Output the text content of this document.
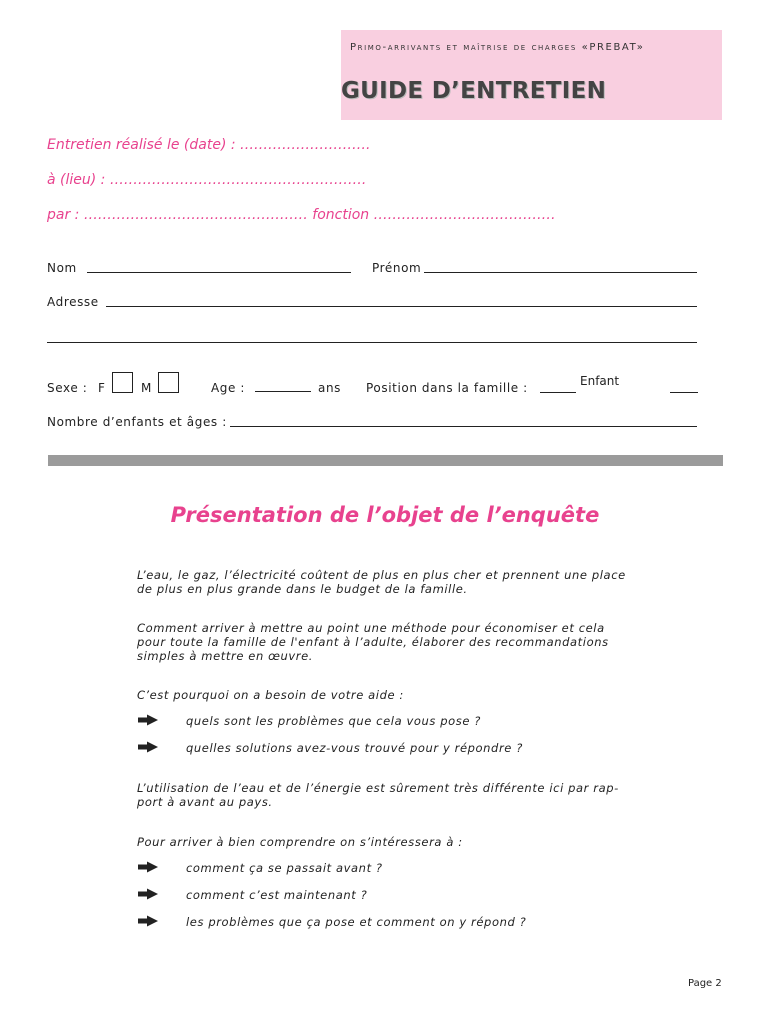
Primo-arrivants et maîtrise de charges «PREBAT»
GUIDE D’ENTRETIEN
Entretien réalisé le (date) : ……………………….
à (lieu) : ……………………………………………….
par : ………………………………………… fonction …………………………………
Nom	Prénom
Adresse
Sexe : F	M	Age :	ans Position dans la famille :	Enfant
Nombre d’enfants et âges :
Présentation de l’objet de l’enquête
L’eau, le gaz, l’électricité coûtent de plus en plus cher et prennent une place de plus en plus grande dans le budget de la famille.
Comment arriver à mettre au point une méthode pour économiser et cela pour toute la famille de l'enfant à l’adulte, élaborer des recommandations simples à mettre en œuvre.
C’est pourquoi on a besoin de votre aide :
quels sont les problèmes que cela vous pose ?
quelles solutions avez-vous trouvé pour y répondre ?
L’utilisation de l’eau et de l’énergie est sûrement très différente ici par rap-port à avant au pays.
Pour arriver à bien comprendre on s’intéressera à :
comment ça se passait avant ?
comment c’est maintenant ?
les problèmes que ça pose et comment on y répond ?
Page 2
